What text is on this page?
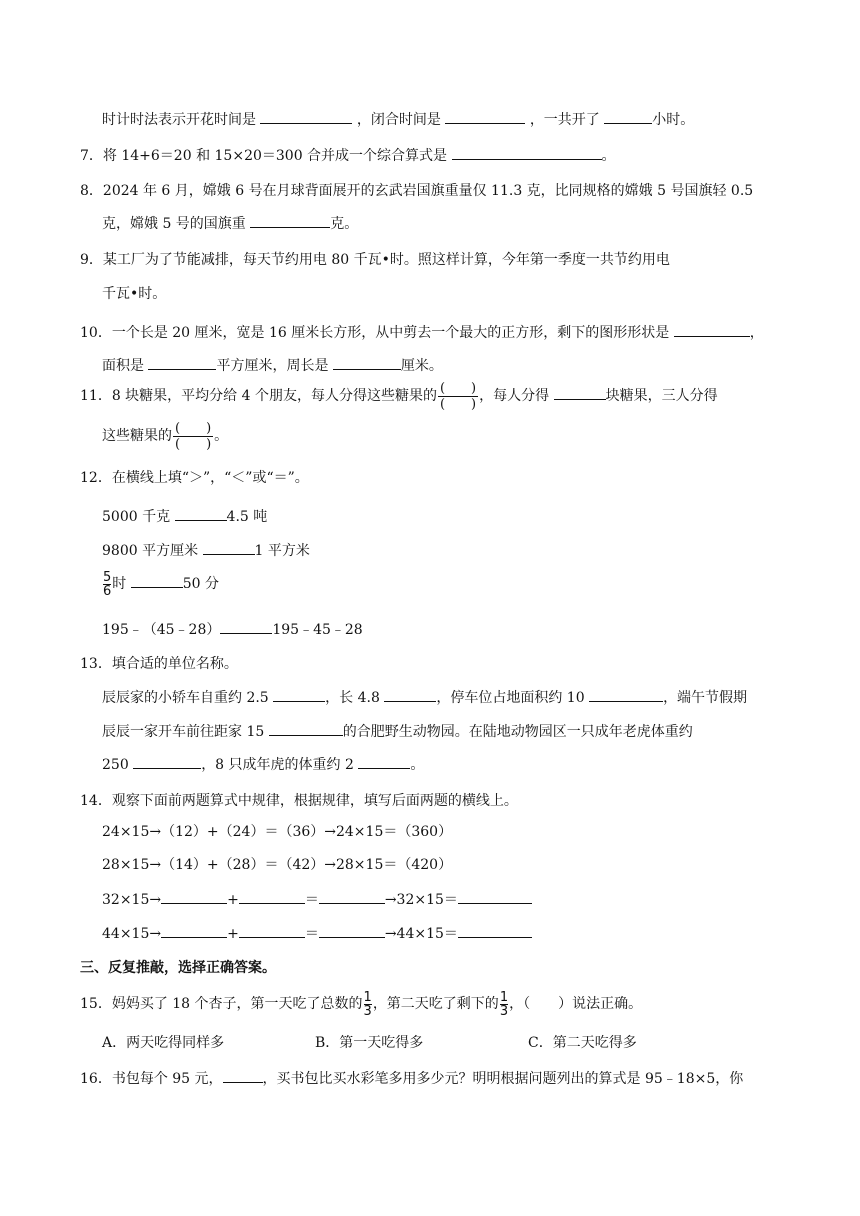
时计时法表示开花时间是	，闭合时间是	，一共开了	小时。
7．将 14+6＝20 和 15×20＝300 合并成一个综合算式是	。
8．2024 年 6 月，嫦娥 6 号在月球背面展开的玄武岩国旗重量仅 11.3 克，比同规格的嫦娥 5 号国旗轻 0.5
克，嫦娥 5 号的国旗重	克。
9．某工厂为了节能减排，每天节约用电 80 千瓦•时。照这样计算，今年第一季度一共节约用电
千瓦•时。
10．一个长是 20 厘米，宽是 16 厘米长方形，从中剪去一个最大的正方形，剩下的图形形状是	，
面积是	平方厘米，周长是	厘米。
11．8 块糖果，平均分给 4 个朋友，每人分得这些糖果的 $\frac{( )}{( )}$ ，每人分得	块糖果，三人分得
这些糖果的 $\frac{( )}{( )}$ 。
12．在横线上填“＞”，“＜”或“＝”。
5000 千克	4.5 吨
9800 平方厘米	1 平方米
$\frac{5}{6}$ 时	50 分
195﹣（45﹣28）	195﹣45﹣28
13．填合适的单位名称。
辰辰家的小轿车自重约 2.5	，长 4.8	，停车位占地面积约 10	，端午节假期
辰辰一家开车前往距家 15	的合肥野生动物园。在陆地动物园区一只成年老虎体重约
250	，8 只成年虎的体重约 2	。
14．观察下面前两题算式中规律，根据规律，填写后面两题的横线上。
24×15→（12）+（24）＝（36）→24×15＝（360）
28×15→（14）+（28）＝（42）→28×15＝（420）
32×15→	+	＝	→32×15＝
44×15→	+	＝	→44×15＝
三、反复推敲，选择正确答案。
15．妈妈买了 18 个杏子，第一天吃了总数的 $\frac{1}{3}$ ，第二天吃了剩下的 $\frac{1}{3}$ ，（　　）说法正确。
A．两天吃得同样多	B．第一天吃得多	C．第二天吃得多
16．书包每个 95 元，	，买书包比买水彩笔多用多少元？明明根据问题列出的算式是 95﹣18×5，你
